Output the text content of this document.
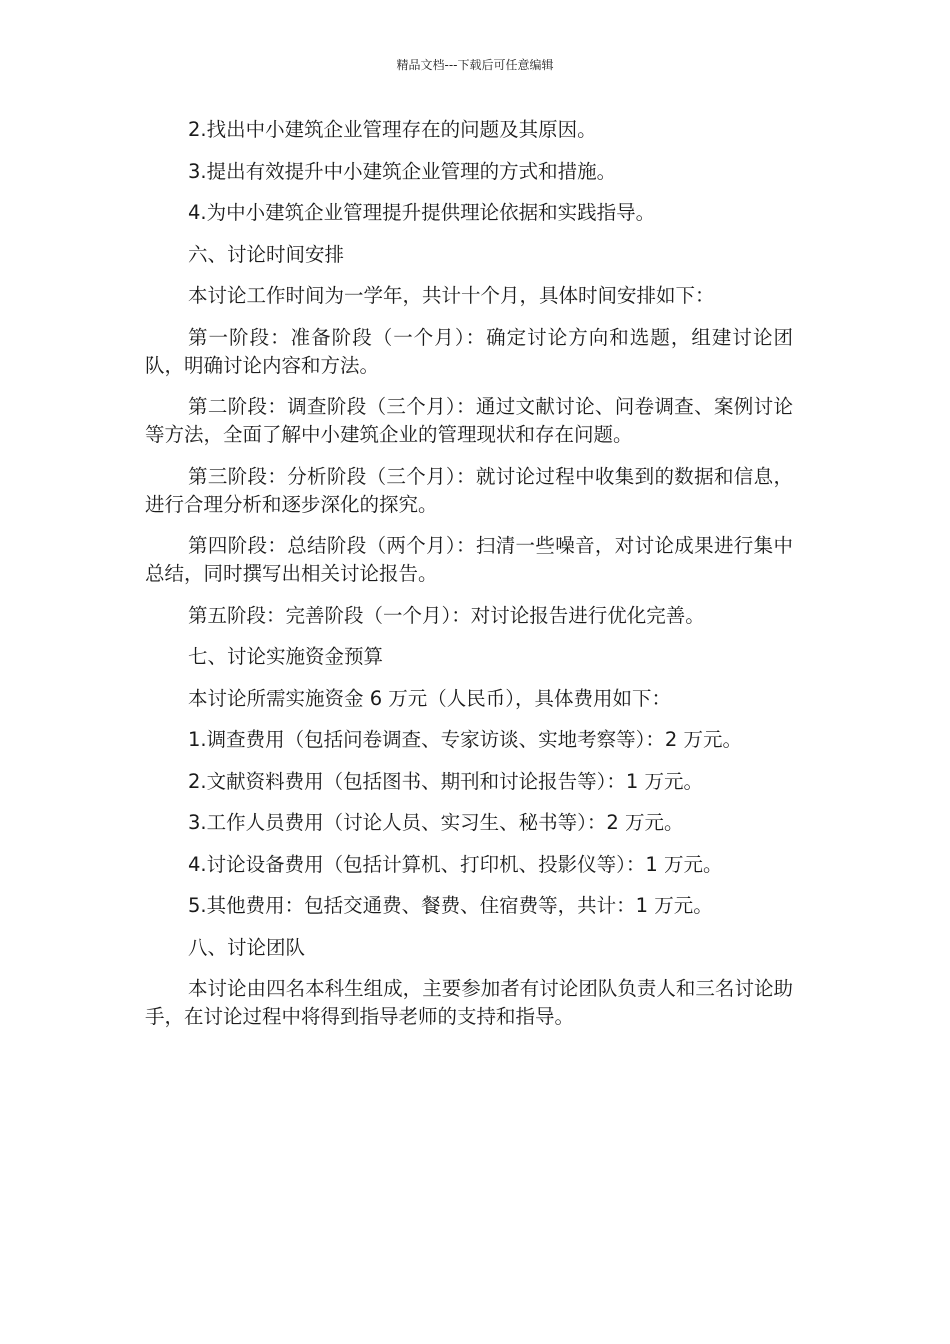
精品文档---下载后可任意编辑

2.找出中小建筑企业管理存在的问题及其原因。

3.提出有效提升中小建筑企业管理的方式和措施。

4.为中小建筑企业管理提升提供理论依据和实践指导。

六、讨论时间安排

本讨论工作时间为一学年，共计十个月，具体时间安排如下：

第一阶段：准备阶段（一个月）：确定讨论方向和选题，组建讨论团队，明确讨论内容和方法。

第二阶段：调查阶段（三个月）：通过文献讨论、问卷调查、案例讨论等方法，全面了解中小建筑企业的管理现状和存在问题。

第三阶段：分析阶段（三个月）：就讨论过程中收集到的数据和信息，进行合理分析和逐步深化的探究。

第四阶段：总结阶段（两个月）：扫清一些噪音，对讨论成果进行集中总结，同时撰写出相关讨论报告。

第五阶段：完善阶段（一个月）：对讨论报告进行优化完善。

七、讨论实施资金预算

本讨论所需实施资金 6 万元（人民币），具体费用如下：

1.调查费用（包括问卷调查、专家访谈、实地考察等）：2 万元。

2.文献资料费用（包括图书、期刊和讨论报告等）：1 万元。

3.工作人员费用（讨论人员、实习生、秘书等）：2 万元。

4.讨论设备费用（包括计算机、打印机、投影仪等）：1 万元。

5.其他费用：包括交通费、餐费、住宿费等，共计：1 万元。

八、讨论团队

本讨论由四名本科生组成，主要参加者有讨论团队负责人和三名讨论助手，在讨论过程中将得到指导老师的支持和指导。
